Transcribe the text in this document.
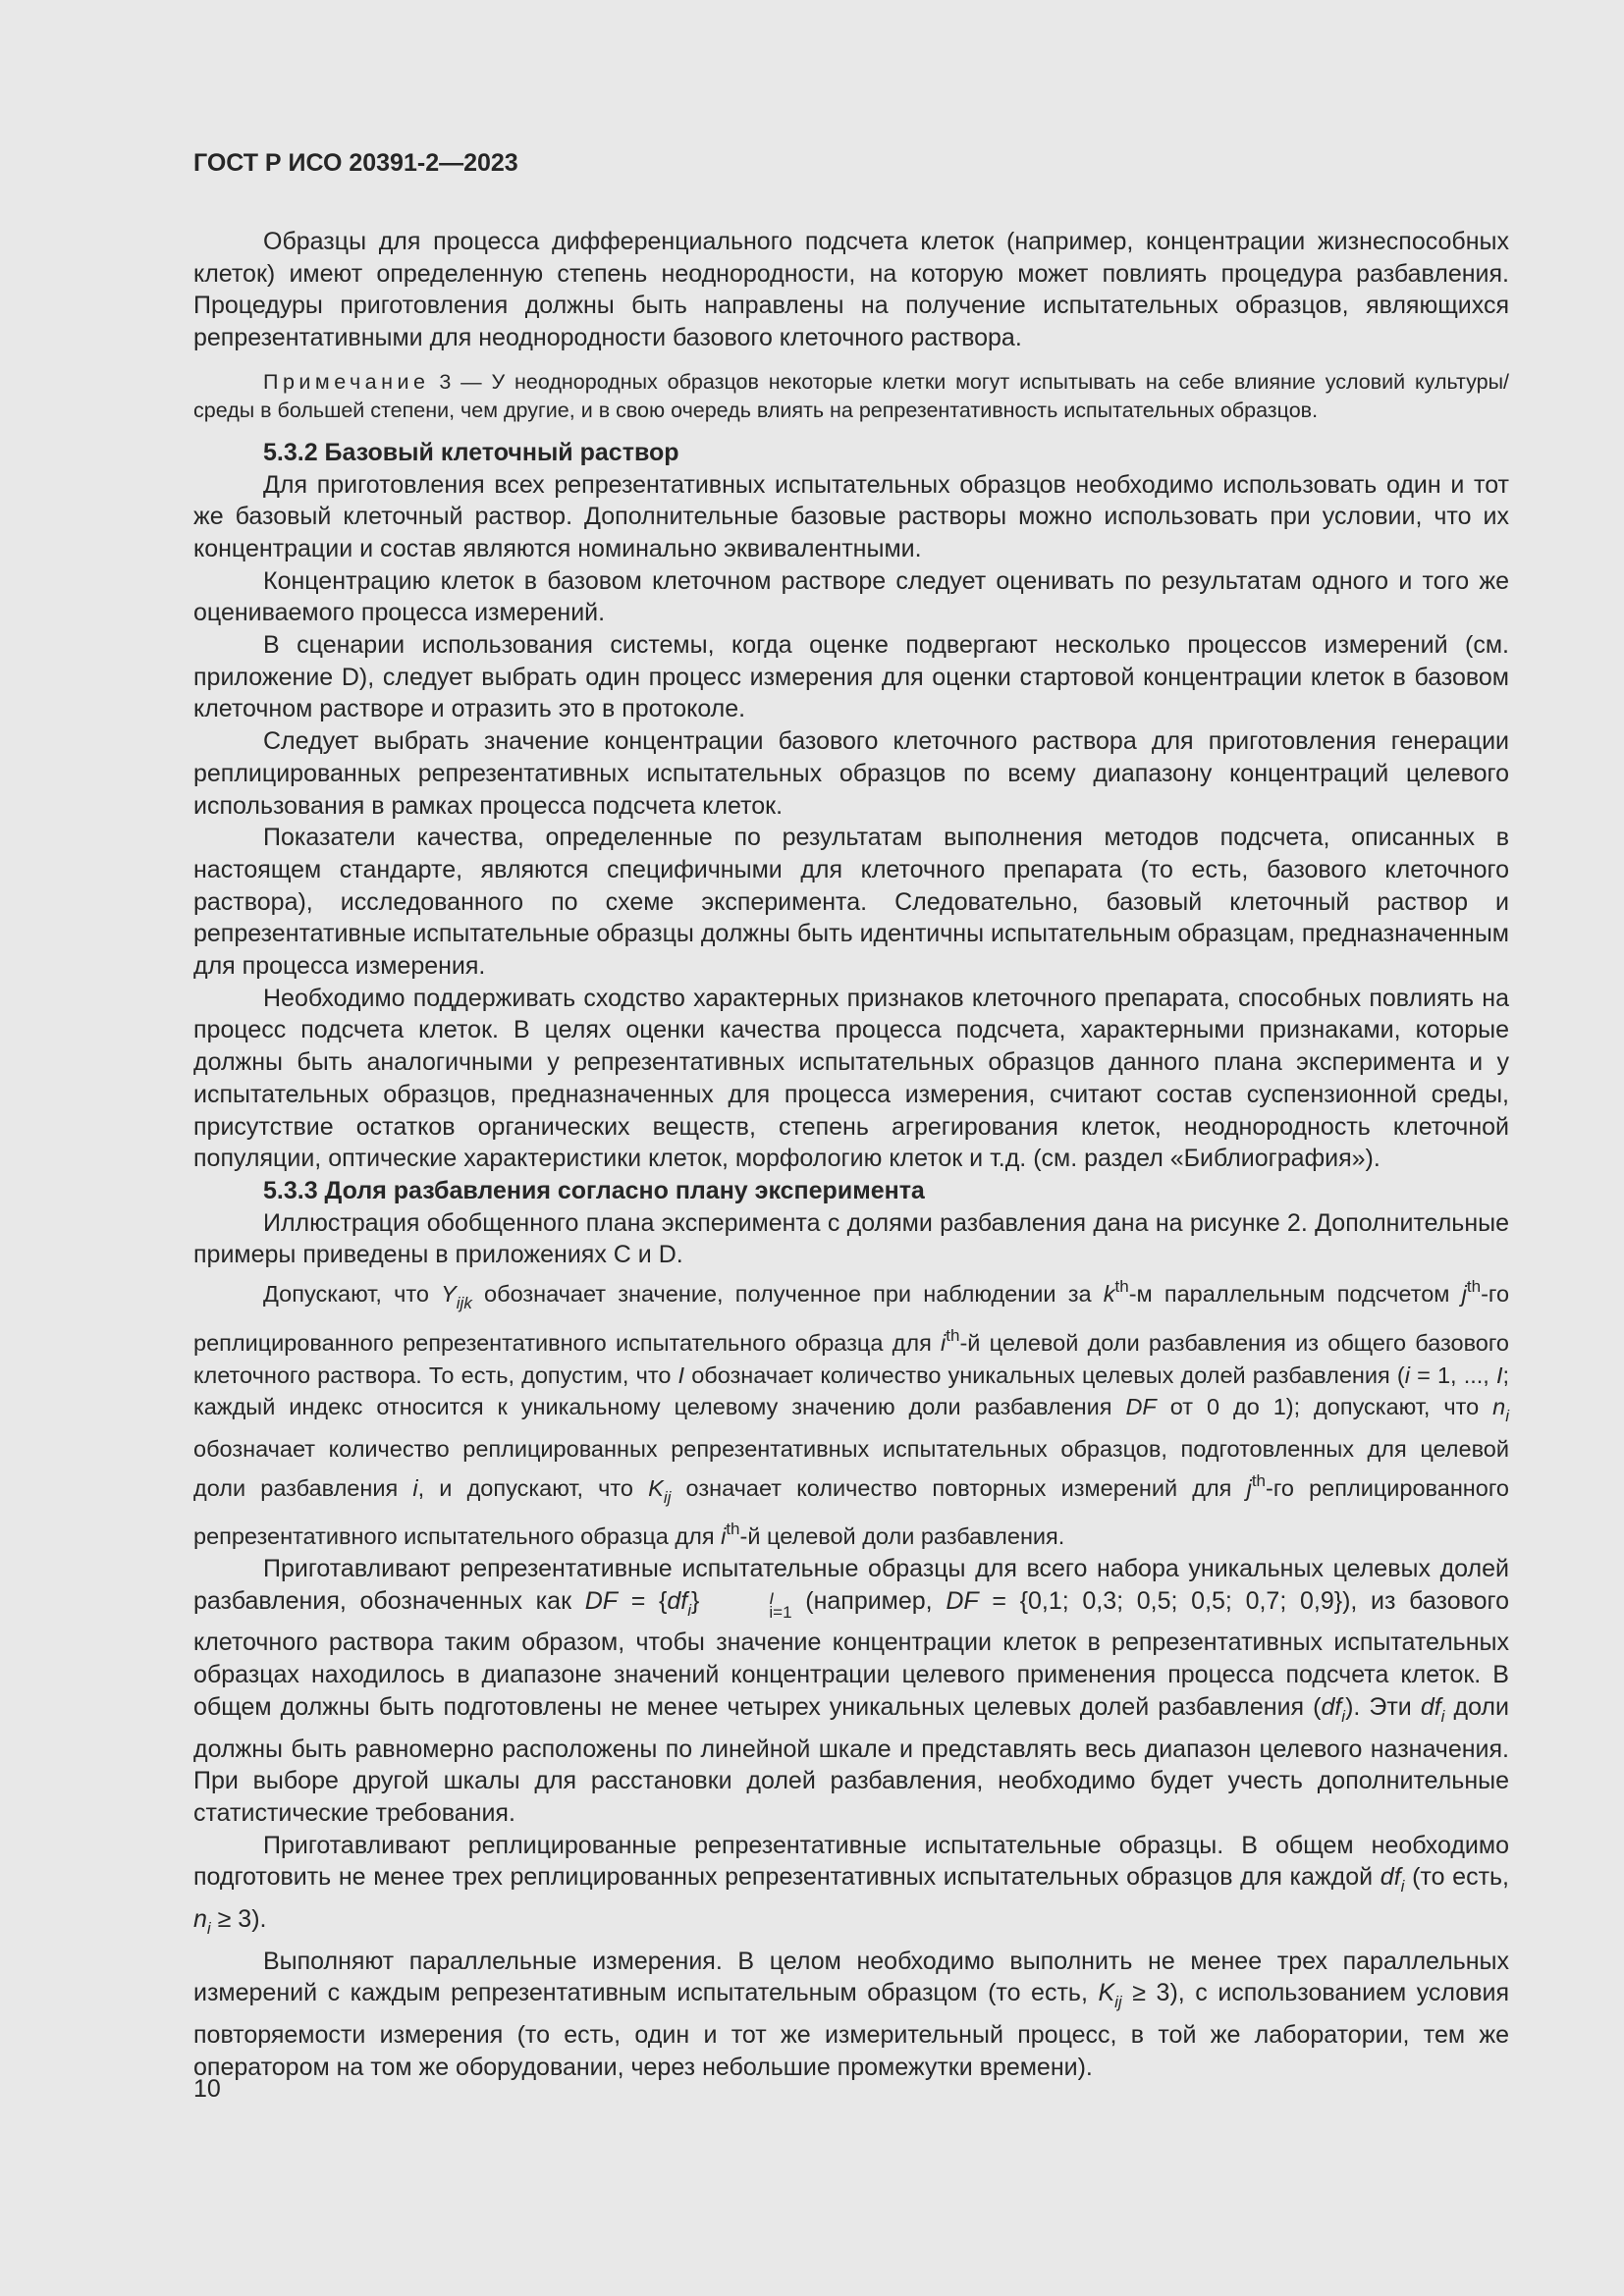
ГОСТ Р ИСО 20391-2—2023

Образцы для процесса дифференциального подсчета клеток (например, концентрации жизнеспособных клеток) имеют определенную степень неоднородности, на которую может повлиять процедура разбавления. Процедуры приготовления должны быть направлены на получение испытательных образцов, являющихся репрезентативными для неоднородности базового клеточного раствора.

Примечание 3 — У неоднородных образцов некоторые клетки могут испытывать на себе влияние условий культуры/среды в большей степени, чем другие, и в свою очередь влиять на репрезентативность испытательных образцов.

5.3.2 Базовый клеточный раствор

Для приготовления всех репрезентативных испытательных образцов необходимо использовать один и тот же базовый клеточный раствор. Дополнительные базовые растворы можно использовать при условии, что их концентрации и состав являются номинально эквивалентными.

Концентрацию клеток в базовом клеточном растворе следует оценивать по результатам одного и того же оцениваемого процесса измерений.

В сценарии использования системы, когда оценке подвергают несколько процессов измерений (см. приложение D), следует выбрать один процесс измерения для оценки стартовой концентрации клеток в базовом клеточном растворе и отразить это в протоколе.

Следует выбрать значение концентрации базового клеточного раствора для приготовления генерации реплицированных репрезентативных испытательных образцов по всему диапазону концентраций целевого использования в рамках процесса подсчета клеток.

Показатели качества, определенные по результатам выполнения методов подсчета, описанных в настоящем стандарте, являются специфичными для клеточного препарата (то есть, базового клеточного раствора), исследованного по схеме эксперимента. Следовательно, базовый клеточный раствор и репрезентативные испытательные образцы должны быть идентичны испытательным образцам, предназначенным для процесса измерения.

Необходимо поддерживать сходство характерных признаков клеточного препарата, способных повлиять на процесс подсчета клеток. В целях оценки качества процесса подсчета, характерными признаками, которые должны быть аналогичными у репрезентативных испытательных образцов данного плана эксперимента и у испытательных образцов, предназначенных для процесса измерения, считают состав суспензионной среды, присутствие остатков органических веществ, степень агрегирования клеток, неоднородность клеточной популяции, оптические характеристики клеток, морфологию клеток и т.д. (см. раздел «Библиография»).

5.3.3 Доля разбавления согласно плану эксперимента

Иллюстрация обобщенного плана эксперимента с долями разбавления дана на рисунке 2. Дополнительные примеры приведены в приложениях С и D.

Допускают, что $Y_{ijk}$ обозначает значение, полученное при наблюдении за $k^{th}-м$ параллельным подсчетом $j^{th}-го$ реплицированного репрезентативного испытательного образца для $i^{th}-й$ целевой доли разбавления из общего базового клеточного раствора. То есть, допустим, что I обозначает количество уникальных целевых долей разбавления (i = 1, ..., I; каждый индекс относится к уникальному целевому значению доли разбавления DF от 0 до 1); допускают, что $n_i$ обозначает количество реплицированных репрезентативных испытательных образцов, подготовленных для целевой доли разбавления i, и допускают, что $K_{ij}$ означает количество повторных измерений для $j^{th}-го$ реплицированного репрезентативного испытательного образца для $i^{th}-й$ целевой доли разбавления.

Приготавливают репрезентативные испытательные образцы для всего набора уникальных целевых долей разбавления, обозначенных как DF = $\{df_i\}$	I
i=1 (например, DF = {0,1; 0,3; 0,5; 0,5; 0,7; 0,9}), из базового клеточного раствора таким образом, чтобы значение концентрации клеток в репрезентативных испытательных образцах находилось в диапазоне значений концентрации целевого применения процесса подсчета клеток. В общем должны быть подготовлены не менее четырех уникальных целевых долей разбавления $(df_i)$. Эти $df_i$ доли должны быть равномерно расположены по линейной шкале и представлять весь диапазон целевого назначения. При выборе другой шкалы для расстановки долей разбавления, необходимо будет учесть дополнительные статистические требования.

Приготавливают реплицированные репрезентативные испытательные образцы. В общем необходимо подготовить не менее трех реплицированных репрезентативных испытательных образцов для каждой $df_i$ (то есть, $n_i \ge 3$).

Выполняют параллельные измерения. В целом необходимо выполнить не менее трех параллельных измерений с каждым репрезентативным испытательным образцом (то есть, $K_{ij} \ge 3$), с использованием условия повторяемости измерения (то есть, один и тот же измерительный процесс, в той же лаборатории, тем же оператором на том же оборудовании, через небольшие промежутки времени).

10
